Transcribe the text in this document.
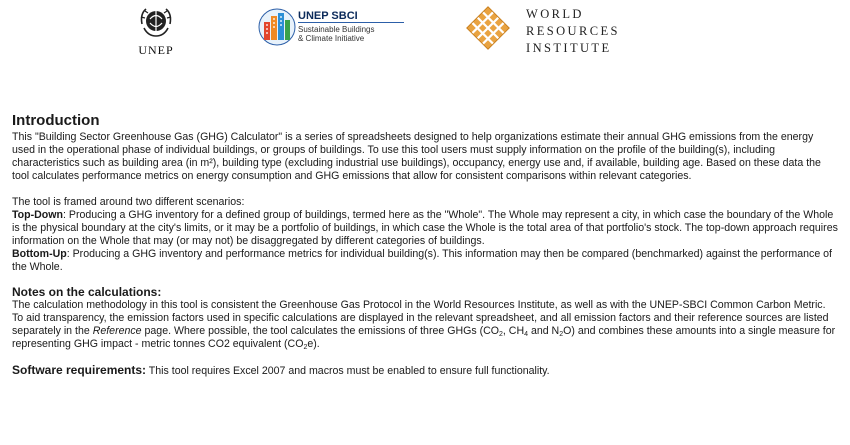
UNEP
UNEP SBCI
Sustainable Buildings
& Climate Initiative
WORLD
RESOURCES
INSTITUTE
Introduction

This "Building Sector Greenhouse Gas (GHG) Calculator" is a series of spreadsheets designed to help organizations estimate their annual GHG emissions from the energy used in the operational phase of individual buildings, or groups of buildings. To use this tool users must supply information on the profile of the building(s), including characteristics such as building area (in m²), building type (excluding industrial use buildings), occupancy, energy use and, if available, building age. Based on these data the tool calculates performance metrics on energy consumption and GHG emissions that allow for consistent comparisons within relevant categories.

The tool is framed around two different scenarios:

Top-Down: Producing a GHG inventory for a defined group of buildings, termed here as the "Whole". The Whole may represent a city, in which case the boundary of the Whole is the physical boundary at the city's limits, or it may be a portfolio of buildings, in which case the Whole is the total area of that portfolio's stock. The top-down approach requires information on the Whole that may (or may not) be disaggregated by different categories of buildings.

Bottom-Up: Producing a GHG inventory and performance metrics for individual building(s). This information may then be compared (benchmarked) against the performance of the Whole.

Notes on the calculations:

The calculation methodology in this tool is consistent the Greenhouse Gas Protocol in the World Resources Institute, as well as with the UNEP-SBCI Common Carbon Metric. To aid transparency, the emission factors used in specific calculations are displayed in the relevant spreadsheet, and all emission factors and their reference sources are listed separately in the Reference page. Where possible, the tool calculates the emissions of three GHGs ($CO_2$, $CH_4$ and $N_2O$) and combines these amounts into a single measure for representing GHG impact - metric tonnes CO2 equivalent $(CO_2e)$.

Software requirements: This tool requires Excel 2007 and macros must be enabled to ensure full functionality.
